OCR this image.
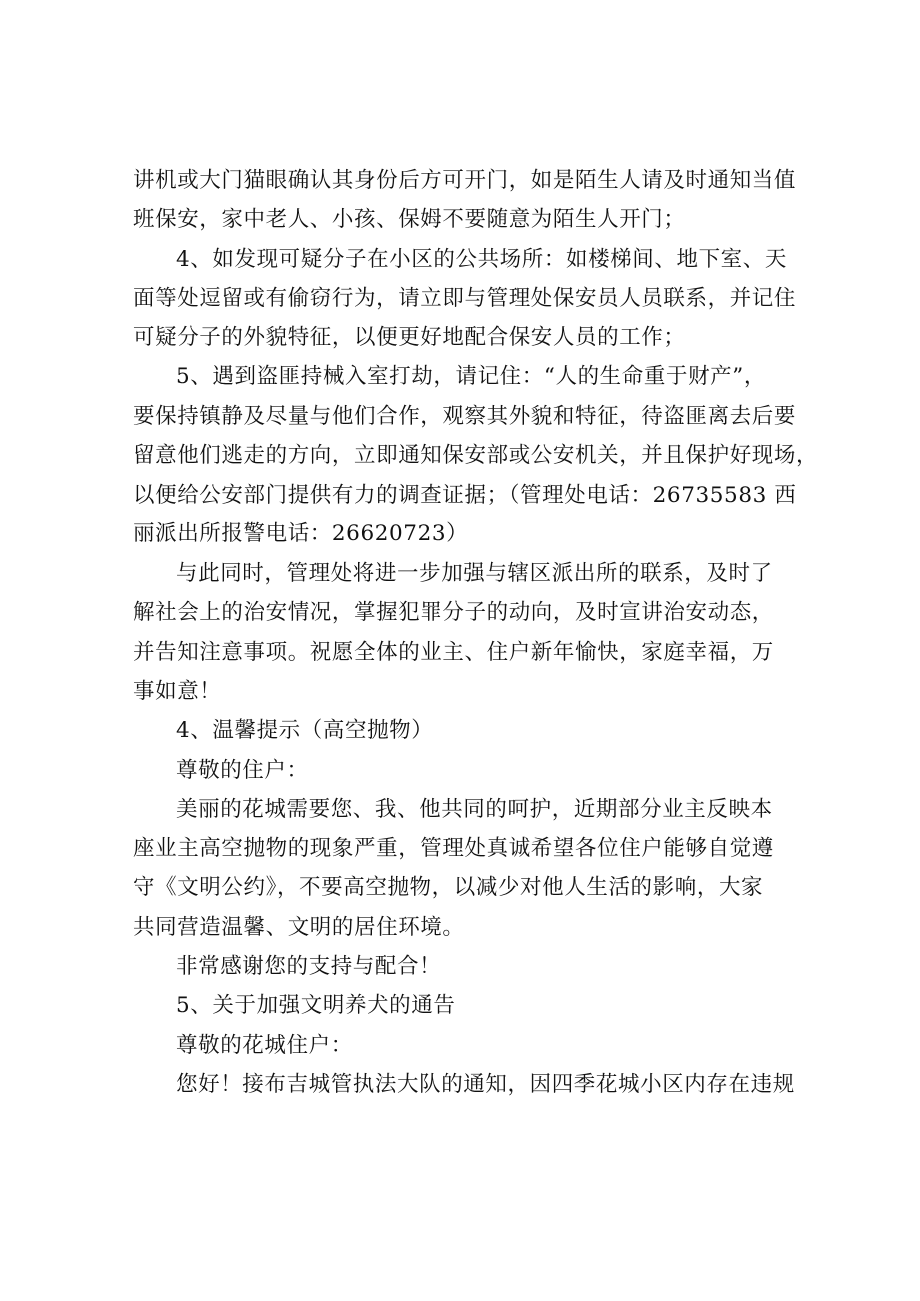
讲机或大门猫眼确认其身份后方可开门，如是陌生人请及时通知当值
班保安，家中老人、小孩、保姆不要随意为陌生人开门；
4、如发现可疑分子在小区的公共场所：如楼梯间、地下室、天
面等处逗留或有偷窃行为，请立即与管理处保安员人员联系，并记住
可疑分子的外貌特征，以便更好地配合保安人员的工作；
5、遇到盗匪持械入室打劫，请记住：“人的生命重于财产”，
要保持镇静及尽量与他们合作，观察其外貌和特征，待盗匪离去后要
留意他们逃走的方向，立即通知保安部或公安机关，并且保护好现场，
以便给公安部门提供有力的调查证据；（管理处电话：26735583 西
丽派出所报警电话：26620723）
与此同时，管理处将进一步加强与辖区派出所的联系，及时了
解社会上的治安情况，掌握犯罪分子的动向，及时宣讲治安动态，
并告知注意事项。祝愿全体的业主、住户新年愉快，家庭幸福，万
事如意！
4、温馨提示（高空抛物）
尊敬的住户：
美丽的花城需要您、我、他共同的呵护，近期部分业主反映本
座业主高空抛物的现象严重，管理处真诚希望各位住户能够自觉遵
守《文明公约》，不要高空抛物，以减少对他人生活的影响，大家
共同营造温馨、文明的居住环境。
非常感谢您的支持与配合！
5、关于加强文明养犬的通告
尊敬的花城住户：
您好！接布吉城管执法大队的通知，因四季花城小区内存在违规
